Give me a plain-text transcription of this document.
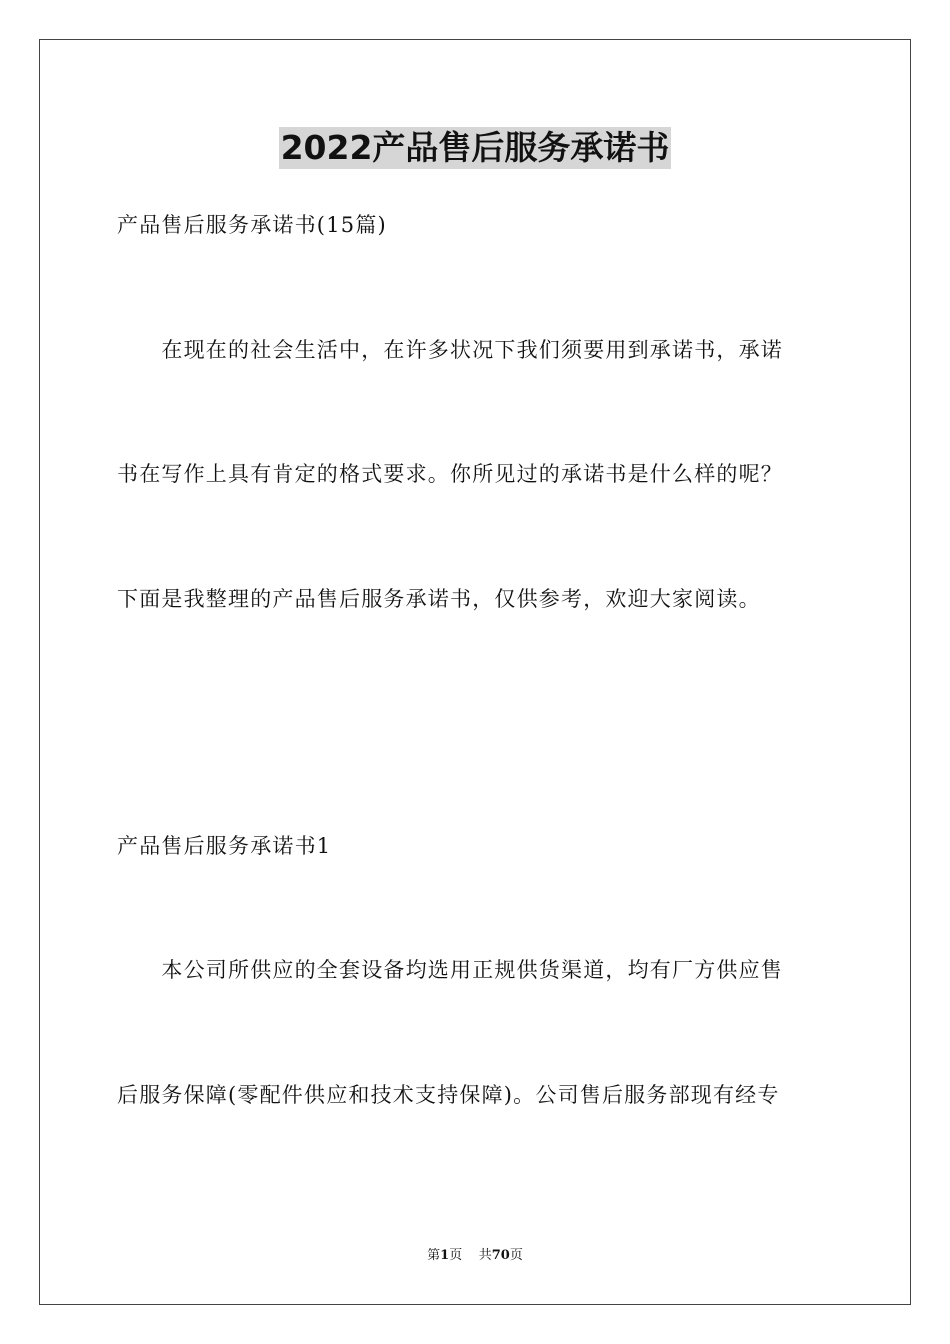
2022产品售后服务承诺书
产品售后服务承诺书(15篇)
　　在现在的社会生活中，在许多状况下我们须要用到承诺书，承诺
书在写作上具有肯定的格式要求。你所见过的承诺书是什么样的呢？
下面是我整理的产品售后服务承诺书，仅供参考，欢迎大家阅读。
产品售后服务承诺书1
　　本公司所供应的全套设备均选用正规供货渠道，均有厂方供应售
后服务保障(零配件供应和技术支持保障)。公司售后服务部现有经专
第1页 共70页
